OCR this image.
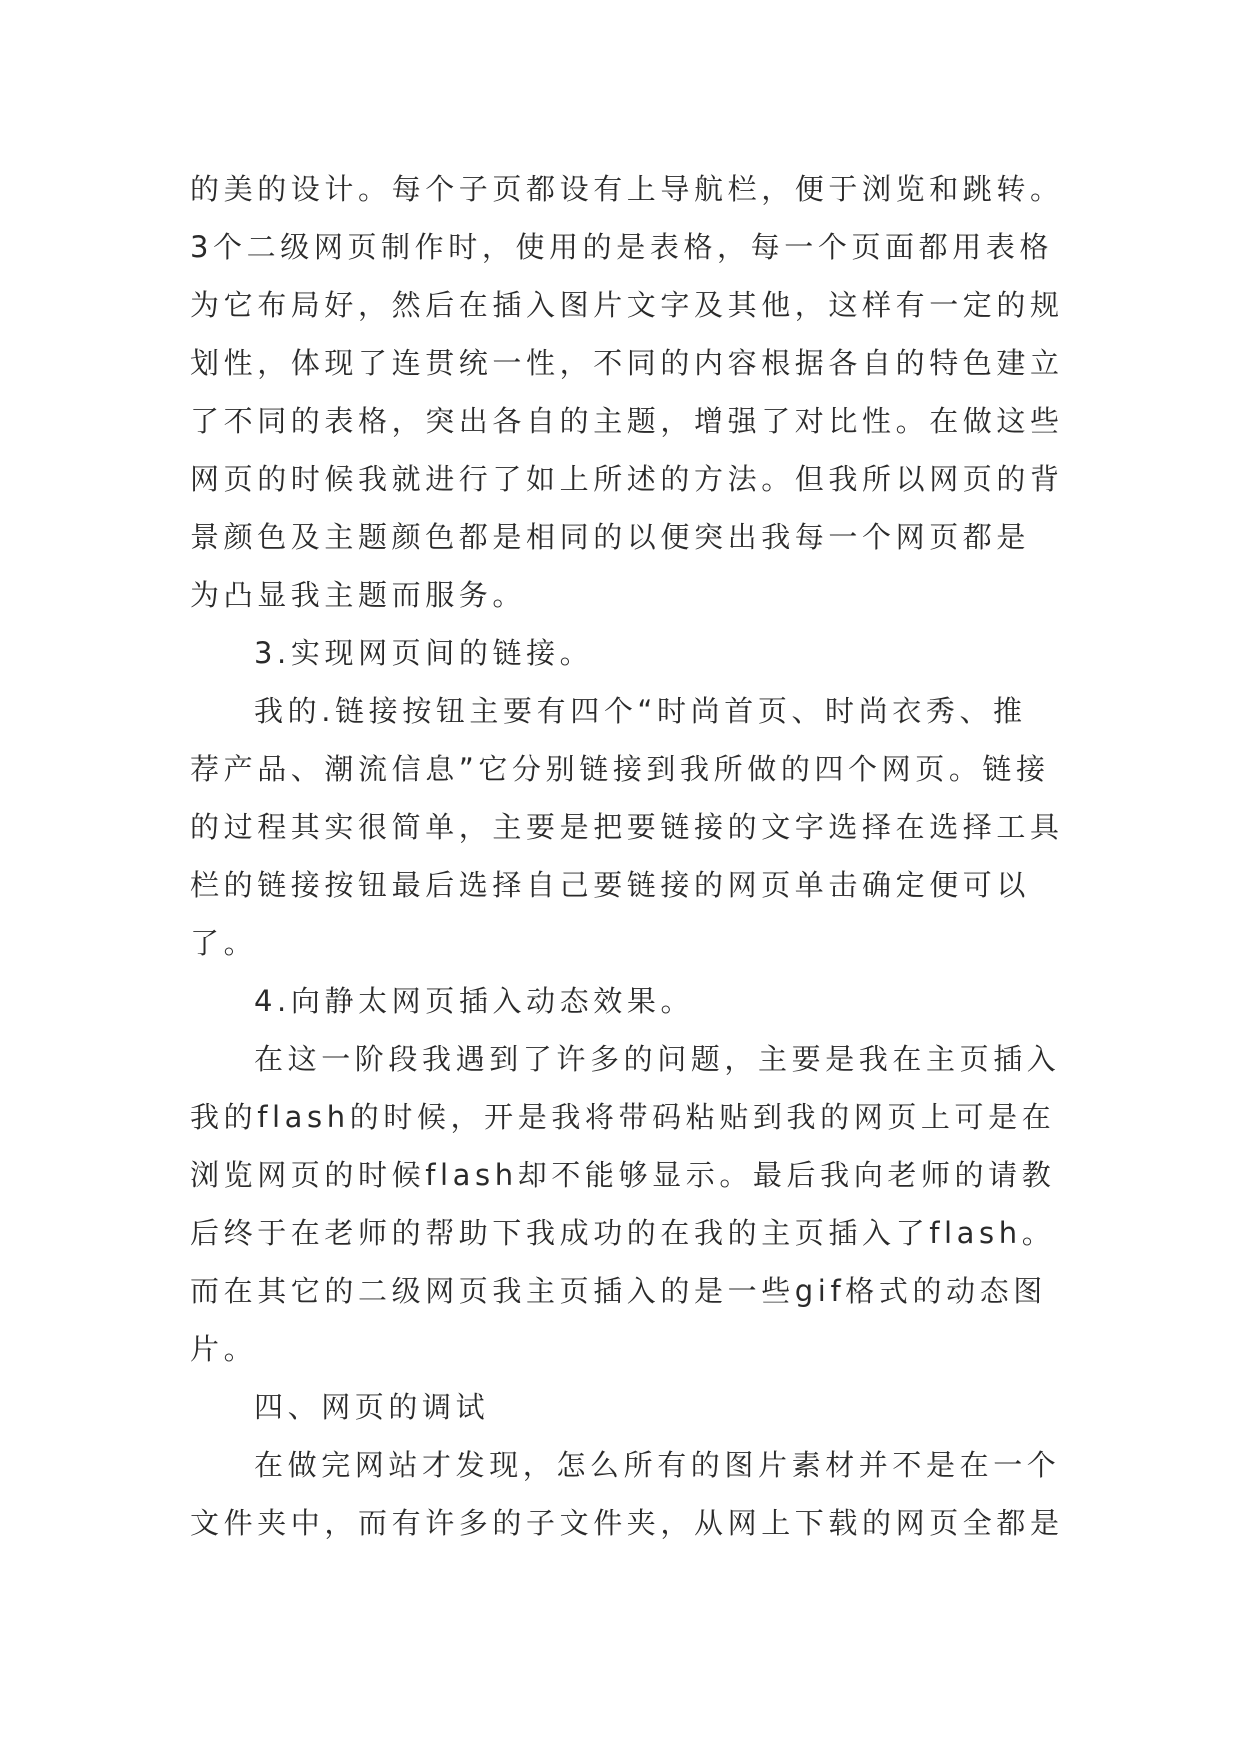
的美的设计。每个子页都设有上导航栏，便于浏览和跳转。
3个二级网页制作时，使用的是表格，每一个页面都用表格
为它布局好，然后在插入图片文字及其他，这样有一定的规
划性，体现了连贯统一性，不同的内容根据各自的特色建立
了不同的表格，突出各自的主题，增强了对比性。在做这些
网页的时候我就进行了如上所述的方法。但我所以网页的背
景颜色及主题颜色都是相同的以便突出我每一个网页都是
为凸显我主题而服务。
3.实现网页间的链接。
我的.链接按钮主要有四个“时尚首页、时尚衣秀、推
荐产品、潮流信息”它分别链接到我所做的四个网页。链接
的过程其实很简单，主要是把要链接的文字选择在选择工具
栏的链接按钮最后选择自己要链接的网页单击确定便可以
了。
4.向静太网页插入动态效果。
在这一阶段我遇到了许多的问题，主要是我在主页插入
我的flash的时候，开是我将带码粘贴到我的网页上可是在
浏览网页的时候flash却不能够显示。最后我向老师的请教
后终于在老师的帮助下我成功的在我的主页插入了flash。
而在其它的二级网页我主页插入的是一些gif格式的动态图
片。
四、网页的调试
在做完网站才发现，怎么所有的图片素材并不是在一个
文件夹中，而有许多的子文件夹，从网上下载的网页全都是
